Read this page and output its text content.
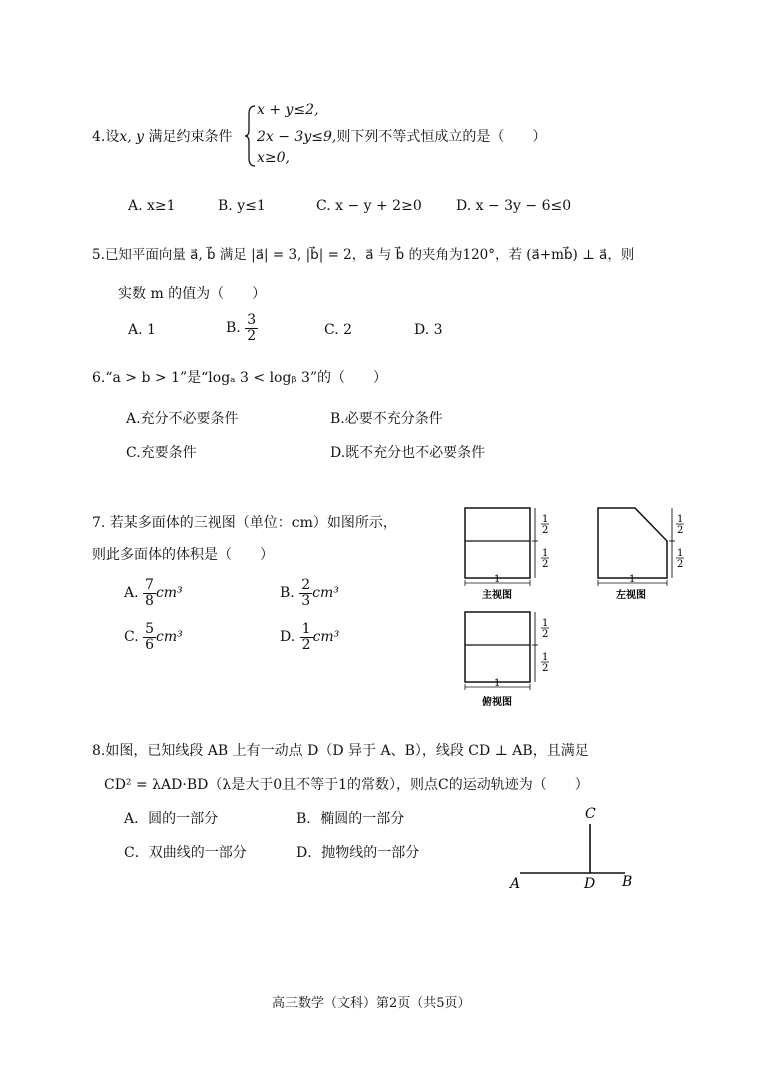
4.设x, y 满足约束条件
x + y≤2,
2x − 3y≤9,则下列不等式恒成立的是（　　）
x≥0,
A. x≥1	B. y≤1	C. x − y + 2≥0 D. x − 3y − 6≤0
5.已知平面向量 a⃗, b⃗ 满足 |a⃗| = 3, |b⃗| = 2，a⃗ 与 b⃗ 的夹角为120°，若 (a⃗+mb⃗) ⊥ a⃗，则
实数 m 的值为（　　）
A. 1	B. $\frac{3}{2}$	C. 2	D. 3
6.“a > b > 1”是“logₐ 3 < logᵦ 3”的（　　）
A.充分不必要条件	B.必要不充分条件
C.充要条件	D.既不充分也不必要条件
7. 若某多面体的三视图（单位：cm）如图所示，
则此多面体的体积是（　　）
A. $\frac{7}{8} cm^3$	B. $\frac{2}{3} cm^3$
C. $\frac{5}{6} cm^3$	D. $\frac{1}{2} cm^3$
1
2
1
2
1
主视图
1
2
1
2
1
左视图
1
2
1
2
1
俯视图
8.如图，已知线段 AB 上有一动点 D（D 异于 A、B），线段 CD ⊥ AB，且满足
CD² = λAD·BD（λ是大于0且不等于1的常数），则点C的运动轨迹为（　　）
A．圆的一部分	B．椭圆的一部分
C．双曲线的一部分	D．抛物线的一部分
C
A	D B
高三数学（文科）第2页（共5页）
